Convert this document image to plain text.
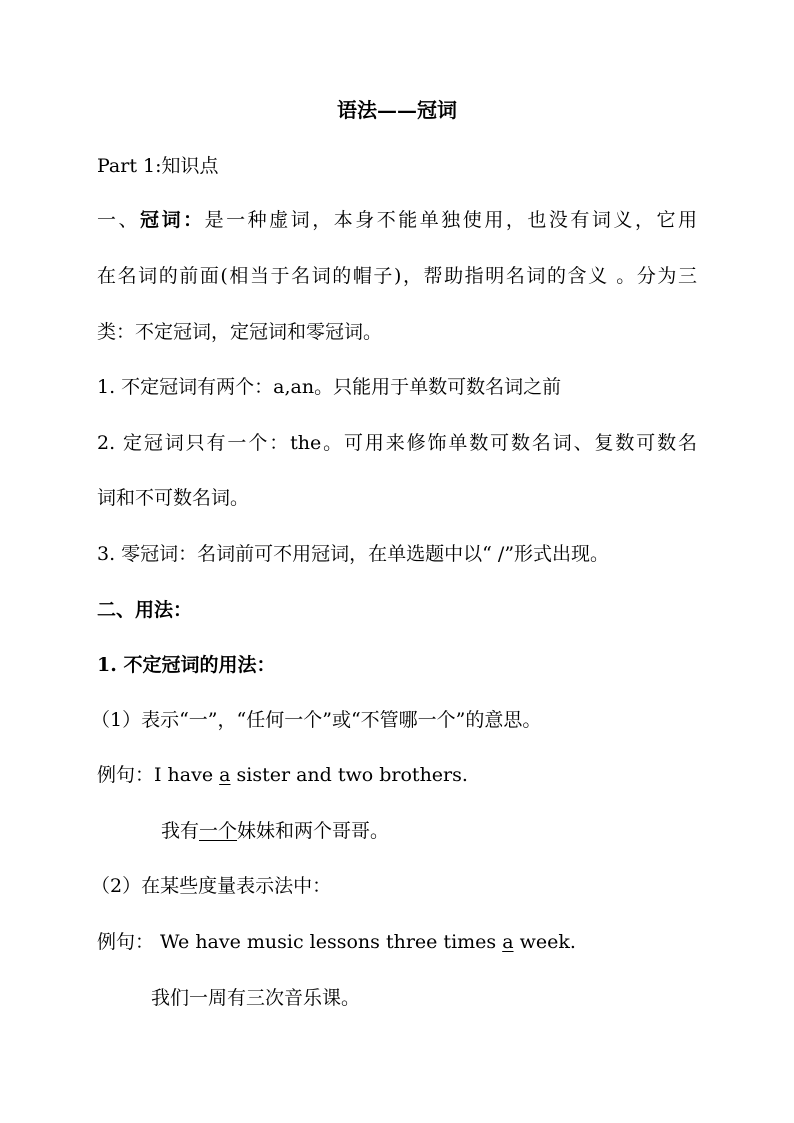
语法——冠词
Part 1:知识点
一、冠词：是一种虚词，本身不能单独使用，也没有词义，它用
在名词的前面(相当于名词的帽子)，帮助指明名词的含义 。分为三
类：不定冠词，定冠词和零冠词。
1. 不定冠词有两个：a,an。只能用于单数可数名词之前
2. 定冠词只有一个：the。可用来修饰单数可数名词、复数可数名
词和不可数名词。
3. 零冠词：名词前可不用冠词，在单选题中以“ /”形式出现。
二、用法：
1. 不定冠词的用法：
（1）表示“一”，“任何一个”或“不管哪一个”的意思。
例句：I have a sister and two brothers.
我有一个妹妹和两个哥哥。
（2）在某些度量表示法中：
例句： We have music lessons three times a week.
我们一周有三次音乐课。
